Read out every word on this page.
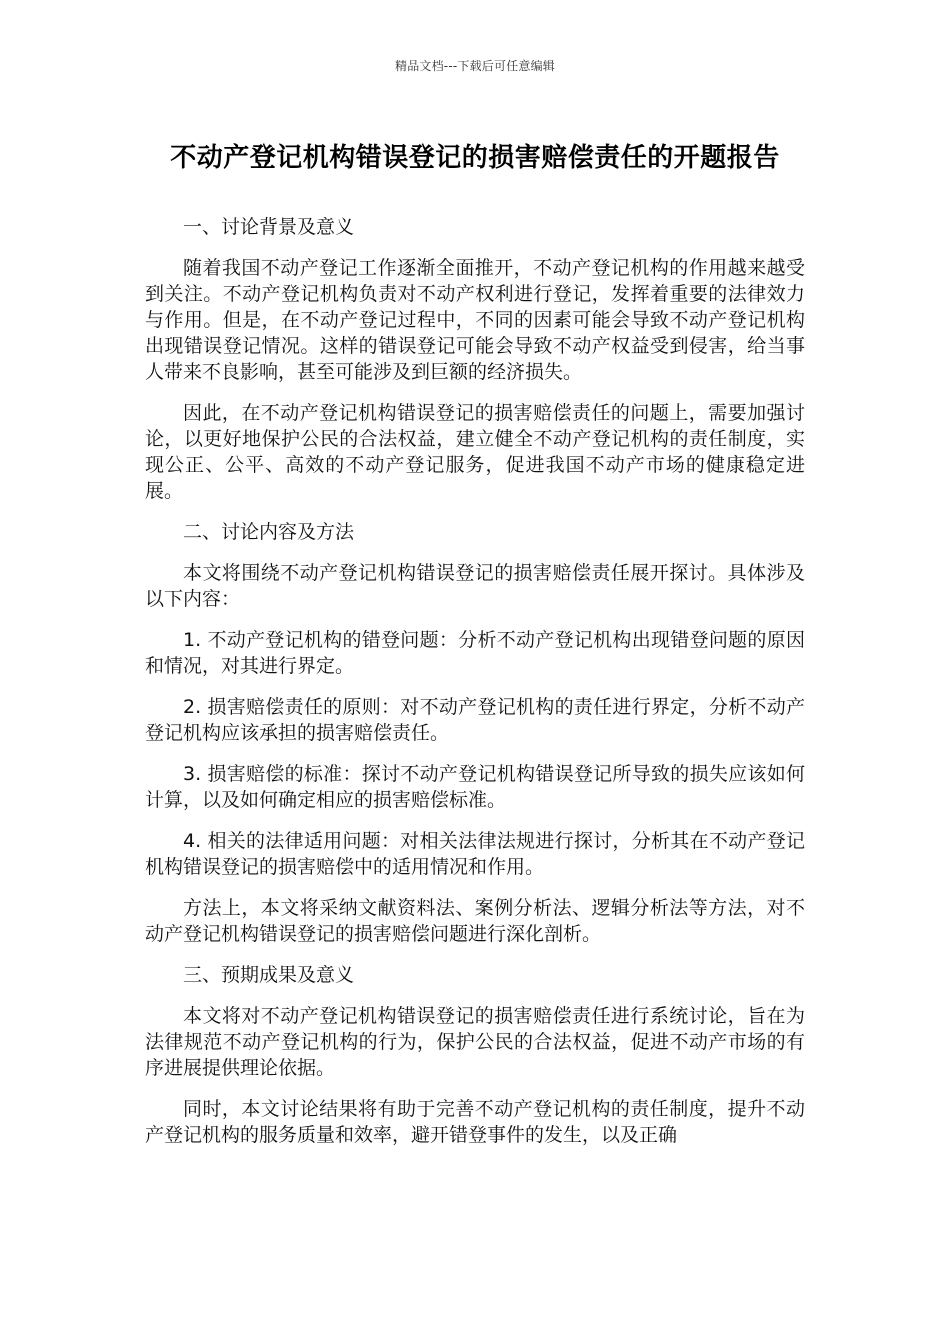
精品文档---下载后可任意编辑
不动产登记机构错误登记的损害赔偿责任的开题报告

一、讨论背景及意义

随着我国不动产登记工作逐渐全面推开，不动产登记机构的作用越来越受到关注。不动产登记机构负责对不动产权利进行登记，发挥着重要的法律效力与作用。但是，在不动产登记过程中，不同的因素可能会导致不动产登记机构出现错误登记情况。这样的错误登记可能会导致不动产权益受到侵害，给当事人带来不良影响，甚至可能涉及到巨额的经济损失。

因此，在不动产登记机构错误登记的损害赔偿责任的问题上，需要加强讨论，以更好地保护公民的合法权益，建立健全不动产登记机构的责任制度，实现公正、公平、高效的不动产登记服务，促进我国不动产市场的健康稳定进展。

二、讨论内容及方法

本文将围绕不动产登记机构错误登记的损害赔偿责任展开探讨。具体涉及以下内容：

1. 不动产登记机构的错登问题：分析不动产登记机构出现错登问题的原因和情况，对其进行界定。

2. 损害赔偿责任的原则：对不动产登记机构的责任进行界定，分析不动产登记机构应该承担的损害赔偿责任。

3. 损害赔偿的标准：探讨不动产登记机构错误登记所导致的损失应该如何计算，以及如何确定相应的损害赔偿标准。

4. 相关的法律适用问题：对相关法律法规进行探讨，分析其在不动产登记机构错误登记的损害赔偿中的适用情况和作用。

方法上，本文将采纳文献资料法、案例分析法、逻辑分析法等方法，对不动产登记机构错误登记的损害赔偿问题进行深化剖析。

三、预期成果及意义

本文将对不动产登记机构错误登记的损害赔偿责任进行系统讨论，旨在为法律规范不动产登记机构的行为，保护公民的合法权益，促进不动产市场的有序进展提供理论依据。

同时，本文讨论结果将有助于完善不动产登记机构的责任制度，提升不动产登记机构的服务质量和效率，避开错登事件的发生，以及正确
